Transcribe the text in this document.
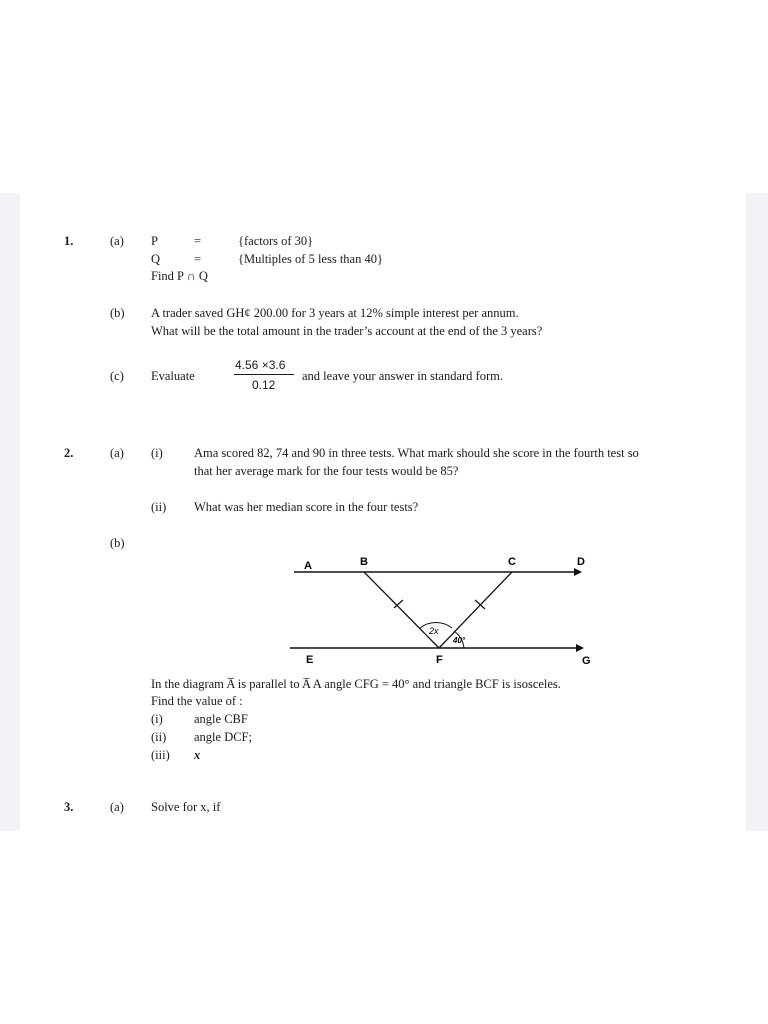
1.	(a) P	=	{factors of 30}
Q	=	{Multiples of 5 less than 40}
Find P ∩ Q
(b) A trader saved GH¢ 200.00 for 3 years at 12% simple interest per annum.
What will be the total amount in the trader’s account at the end of the 3 years?
(c) Evaluate
4.56 ×3.6
0.12
and leave your answer in standard form.
2.	(a) (i) Ama scored 82, 74 and 90 in three tests. What mark should she score in the fourth test so
that her average mark for the four tests would be 85?
(ii) What was her median score in the four tests?
(b)
A	B	C	D
E	F	G
2x
40°
In the diagram A̅ is parallel to A̅ A angle CFG = 40° and triangle BCF is isosceles.
Find the value of :
(i) angle CBF
(ii) angle DCF;
(iii) x
3.	(a) Solve for x, if
